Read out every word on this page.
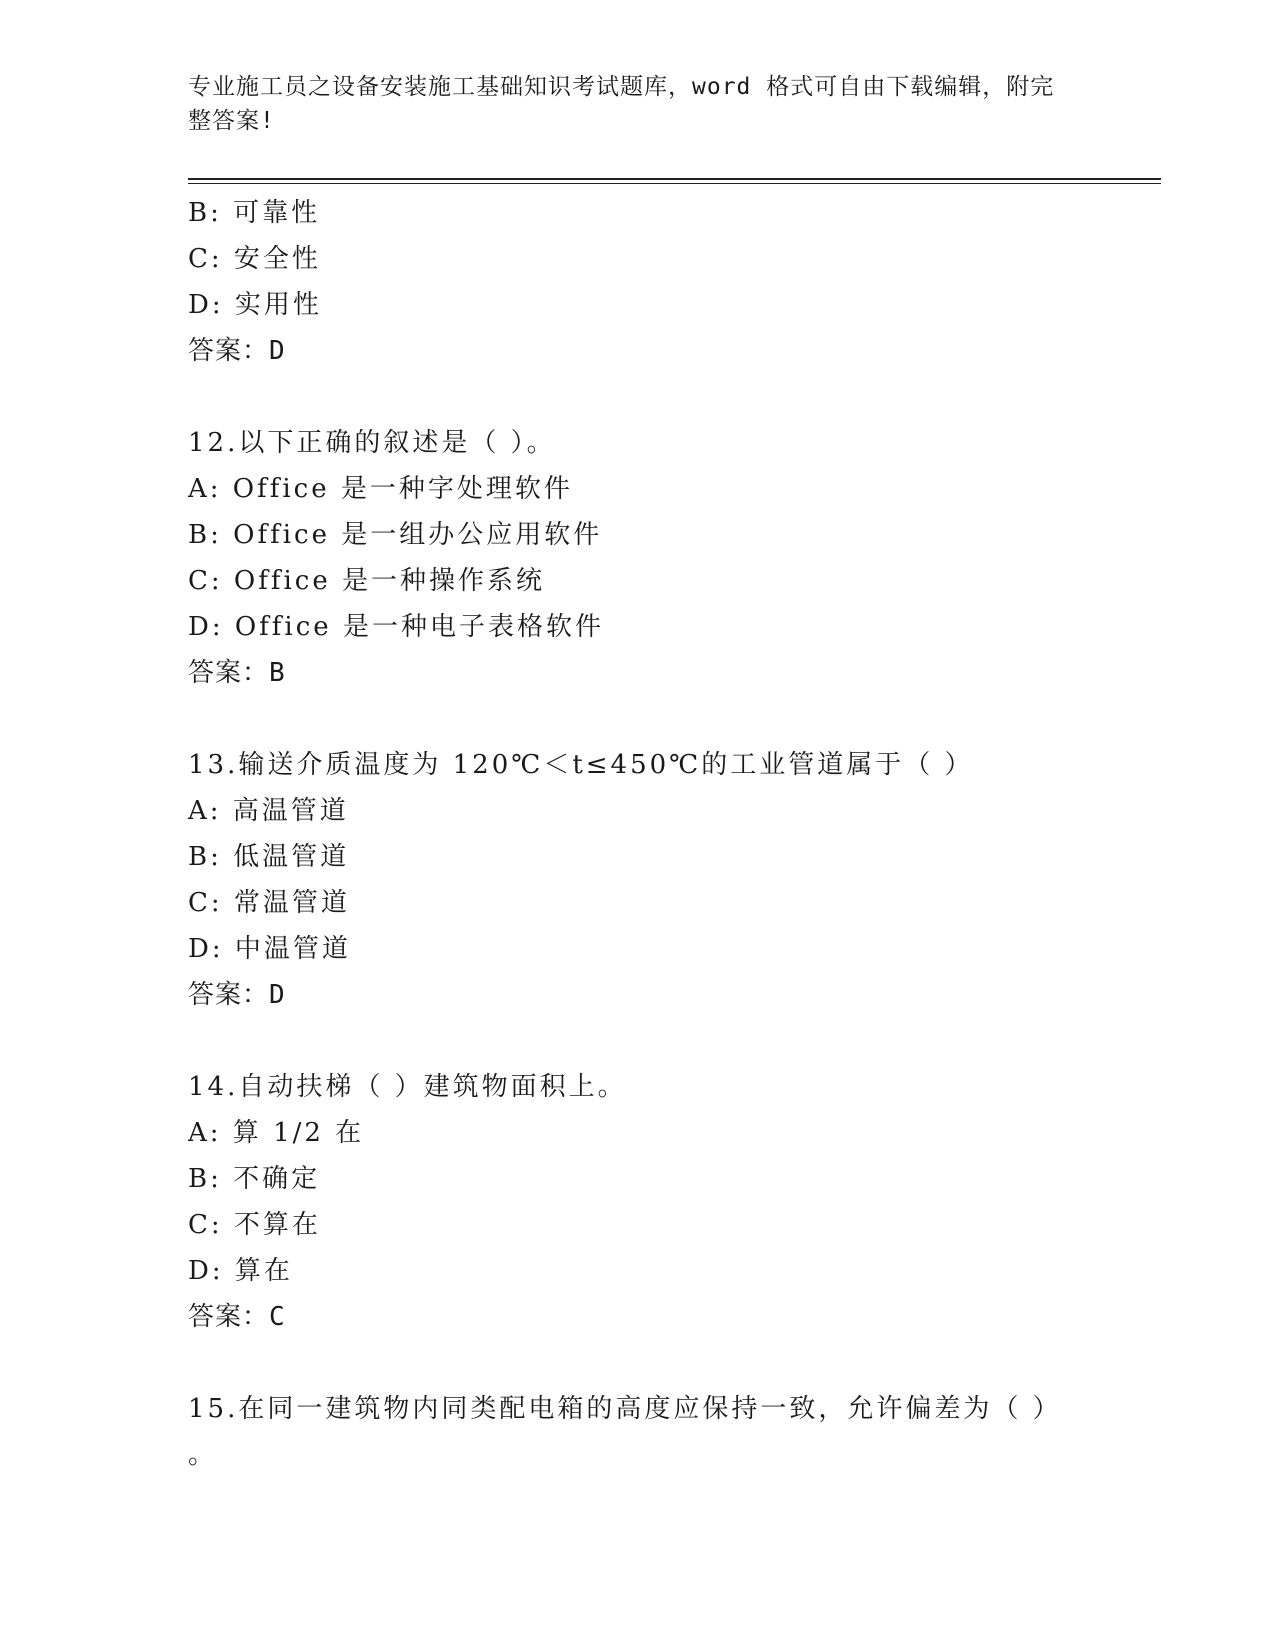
专业施工员之设备安装施工基础知识考试题库，word 格式可自由下载编辑，附完
整答案!
B: 可靠性
C: 安全性
D: 实用性
答案：D
12.以下正确的叙述是（ ）。
A: Office 是一种字处理软件
B: Office 是一组办公应用软件
C: Office 是一种操作系统
D: Office 是一种电子表格软件
答案：B
13.输送介质温度为 120℃＜t≤450℃的工业管道属于（ ）
A: 高温管道
B: 低温管道
C: 常温管道
D: 中温管道
答案：D
14.自动扶梯（ ）建筑物面积上。
A: 算 1/2 在
B: 不确定
C: 不算在
D: 算在
答案：C
15.在同一建筑物内同类配电箱的高度应保持一致，允许偏差为（ ）
。
